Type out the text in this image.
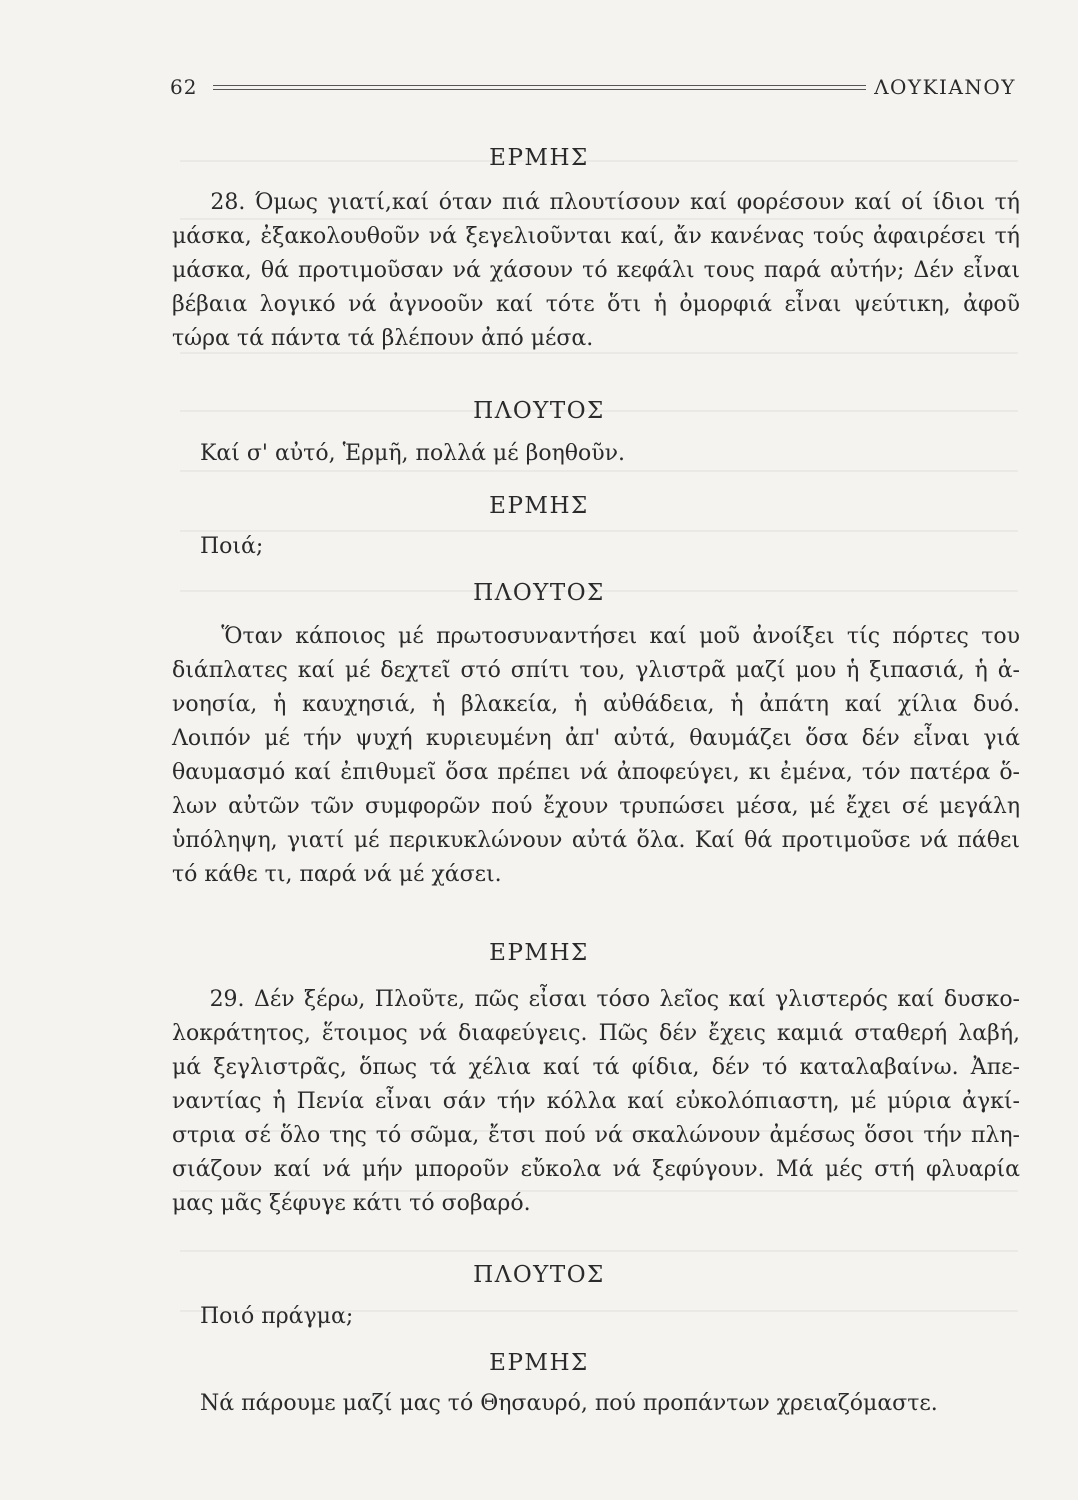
62	ΛΟΥΚΙΑΝΟΥ
ΕΡΜΗΣ
28. Όμως γιατί,καί όταν πιά πλουτίσουν καί φορέσουν καί οί ίδιοι τή
μάσκα, ἐξακολουθοῦν νά ξεγελιοῦνται καί, ἄν κανένας τούς ἀφαιρέσει τή
μάσκα, θά προτιμοῦσαν νά χάσουν τό κεφάλι τους παρά αὐτήν; Δέν εἶναι
βέβαια λογικό νά ἀγνοοῦν καί τότε ὅτι ἡ ὀμορφιά εἶναι ψεύτικη, ἀφοῦ
τώρα τά πάντα τά βλέπουν ἀπό μέσα.
ΠΛΟΥΤΟΣ
Καί σ' αὐτό, Ἑρμῆ, πολλά μέ βοηθοῦν.
ΕΡΜΗΣ
Ποιά;
ΠΛΟΥΤΟΣ
Ὅταν κάποιος μέ πρωτοσυναντήσει καί μοῦ ἀνοίξει τίς πόρτες του
διάπλατες καί μέ δεχτεῖ στό σπίτι του, γλιστρᾶ μαζί μου ἡ ξιπασιά, ἡ ἀ-
νοησία, ἡ καυχησιά, ἡ βλακεία, ἡ αὐθάδεια, ἡ ἀπάτη καί χίλια δυό.
Λοιπόν μέ τήν ψυχή κυριευμένη ἀπ' αὐτά, θαυμάζει ὅσα δέν εἶναι γιά
θαυμασμό καί ἐπιθυμεῖ ὅσα πρέπει νά ἀποφεύγει, κι ἐμένα, τόν πατέρα ὅ-
λων αὐτῶν τῶν συμφορῶν πού ἔχουν τρυπώσει μέσα, μέ ἔχει σέ μεγάλη
ὑπόληψη, γιατί μέ περικυκλώνουν αὐτά ὅλα. Καί θά προτιμοῦσε νά πάθει
τό κάθε τι, παρά νά μέ χάσει.
ΕΡΜΗΣ
29. Δέν ξέρω, Πλοῦτε, πῶς εἶσαι τόσο λεῖος καί γλιστερός καί δυσκο-
λοκράτητος, ἕτοιμος νά διαφεύγεις. Πῶς δέν ἔχεις καμιά σταθερή λαβή,
μά ξεγλιστρᾶς, ὅπως τά χέλια καί τά φίδια, δέν τό καταλαβαίνω. Ἀπε-
ναντίας ἡ Πενία εἶναι σάν τήν κόλλα καί εὐκολόπιαστη, μέ μύρια ἀγκί-
στρια σέ ὅλο της τό σῶμα, ἔτσι πού νά σκαλώνουν ἀμέσως ὅσοι τήν πλη-
σιάζουν καί νά μήν μποροῦν εὔκολα νά ξεφύγουν. Μά μές στή φλυαρία
μας μᾶς ξέφυγε κάτι τό σοβαρό.
ΠΛΟΥΤΟΣ
Ποιό πράγμα;
ΕΡΜΗΣ
Νά πάρουμε μαζί μας τό Θησαυρό, πού προπάντων χρειαζόμαστε.
